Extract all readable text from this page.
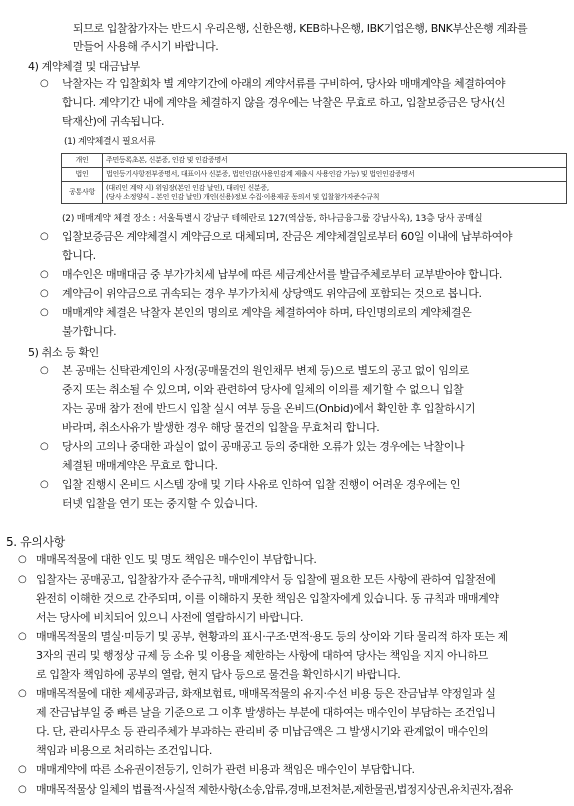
되므로 입찰참가자는 반드시 우리은행, 신한은행, KEB하나은행, IBK기업은행, BNK부산은행 계좌를
만들어 사용해 주시기 바랍니다.
4) 계약체결 및 대금납부
○ 낙찰자는 각 입찰회차 별 계약기간에 아래의 계약서류를 구비하여, 당사와 매매계약을 체결하여야
합니다. 계약기간 내에 계약을 체결하지 않을 경우에는 낙찰은 무효로 하고, 입찰보증금은 당사(신
탁재산)에 귀속됩니다.
(1) 계약체결시 필요서류
개인	주민등록초본, 신분증, 인감 및 인감증명서
법인	법인등기사항전부증명서, 대표이사 신분증, 법인인감(사용인감계 제출시 사용인감 가능) 및 법인인감증명서
공통사항	(대리인 계약 시) 위임장(본인 인감 날인), 대리인 신분증,
(당사 소정양식 – 본인 인감 날인) 개인(신용)정보 수집·이용제공 동의서 및 입찰참가자준수규칙
(2) 매매계약 체결 장소 : 서울특별시 강남구 테헤란로 127(역삼동, 하나금융그룹 강남사옥), 13층 당사 공매실
○ 입찰보증금은 계약체결시 계약금으로 대체되며, 잔금은 계약체결일로부터 60일 이내에 납부하여야
합니다.
○ 매수인은 매매대금 중 부가가치세 납부에 따른 세금계산서를 발급주체로부터 교부받아야 합니다.
○ 계약금이 위약금으로 귀속되는 경우 부가가치세 상당액도 위약금에 포함되는 것으로 봅니다.
○ 매매계약 체결은 낙찰자 본인의 명의로 계약을 체결하여야 하며, 타인명의로의 계약체결은
불가합니다.
5) 취소 등 확인
○ 본 공매는 신탁관계인의 사정(공매물건의 원인채무 변제 등)으로 별도의 공고 없이 임의로
중지 또는 취소될 수 있으며, 이와 관련하여 당사에 일체의 이의를 제기할 수 없으니 입찰
자는 공매 참가 전에 반드시 입찰 실시 여부 등을 온비드(Onbid)에서 확인한 후 입찰하시기
바라며, 취소사유가 발생한 경우 해당 물건의 입찰을 무효처리 합니다.
○ 당사의 고의나 중대한 과실이 없이 공매공고 등의 중대한 오류가 있는 경우에는 낙찰이나
체결된 매매계약은 무효로 합니다.
○ 입찰 진행시 온비드 시스템 장애 및 기타 사유로 인하여 입찰 진행이 어려운 경우에는 인
터넷 입찰을 연기 또는 중지할 수 있습니다.
5. 유의사항
○ 매매목적물에 대한 인도 및 명도 책임은 매수인이 부담합니다.
○ 입찰자는 공매공고, 입찰참가자 준수규칙, 매매계약서 등 입찰에 필요한 모든 사항에 관하여 입찰전에
완전히 이해한 것으로 간주되며, 이를 이해하지 못한 책임은 입찰자에게 있습니다. 동 규칙과 매매계약
서는 당사에 비치되어 있으니 사전에 열람하시기 바랍니다.
○ 매매목적물의 멸실·미등기 및 공부, 현황과의 표시·구조·면적·용도 등의 상이와 기타 물리적 하자 또는 제
3자의 권리 및 행정상 규제 등 소유 및 이용을 제한하는 사항에 대하여 당사는 책임을 지지 아니하므
로 입찰자 책임하에 공부의 열람, 현지 답사 등으로 물건을 확인하시기 바랍니다.
○ 매매목적물에 대한 제세공과금, 화재보험료, 매매목적물의 유지·수선 비용 등은 잔금납부 약정일과 실
제 잔금납부일 중 빠른 날을 기준으로 그 이후 발생하는 부분에 대하여는 매수인이 부담하는 조건입니
다. 단, 관리사무소 등 관리주체가 부과하는 관리비 중 미납금액은 그 발생시기와 관계없이 매수인의
책임과 비용으로 처리하는 조건입니다.
○ 매매계약에 따른 소유권이전등기, 인허가 관련 비용과 책임은 매수인이 부담합니다.
○ 매매목적물상 일체의 법률적·사실적 제한사항(소송,압류,경매,보전처분,제한물권,법정지상권,유치권자,점유
